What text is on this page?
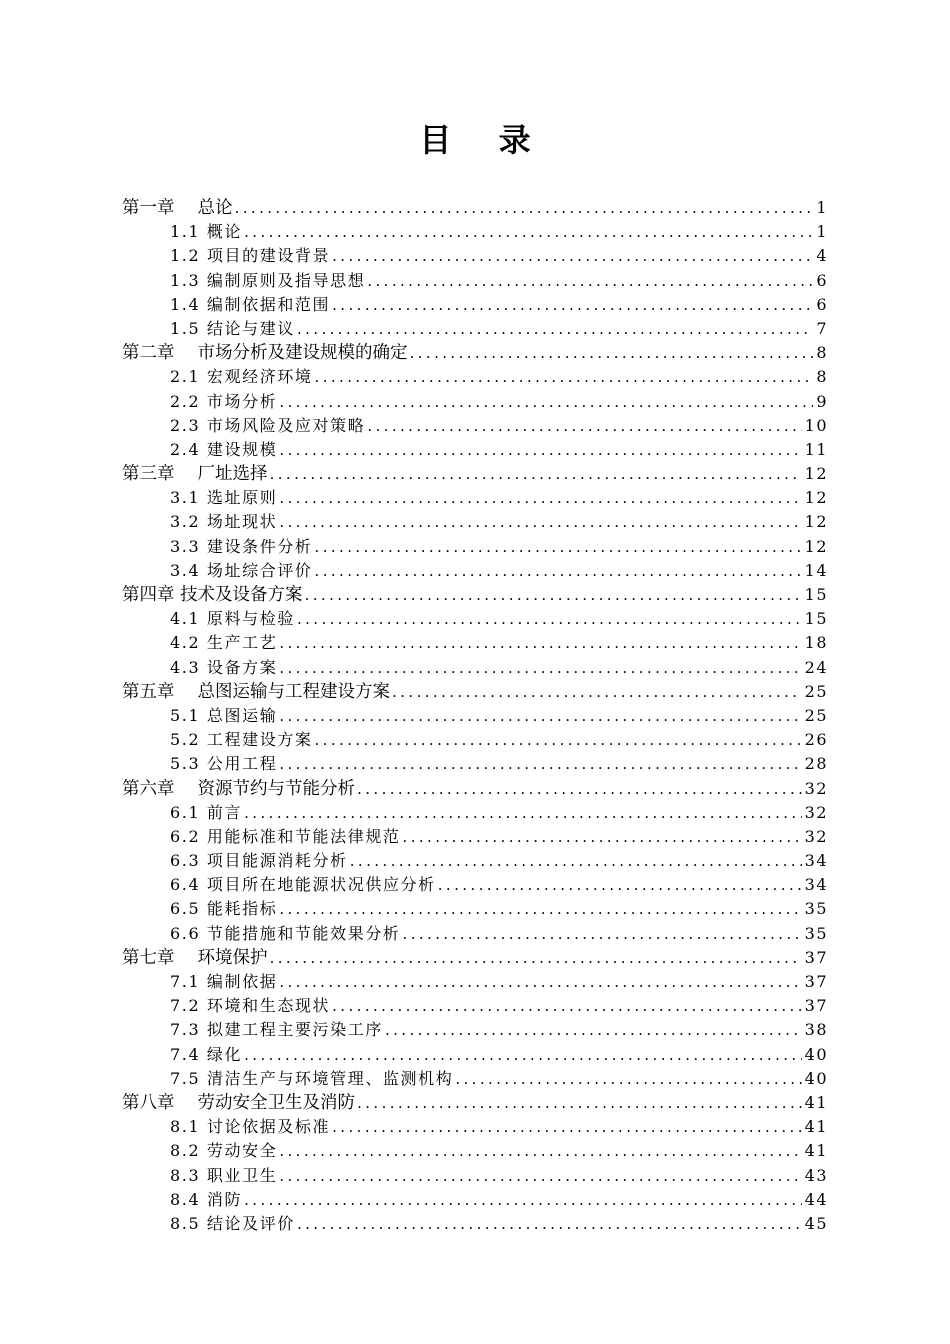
目 录
第一章　 总论 .....	1
1.1 概论 .....	1
1.2 项目的建设背景 .....	4
1.3 编制原则及指导思想 .....	6
1.4 编制依据和范围 .....	6
1.5 结论与建议 .....	7
第二章　 市场分析及建设规模的确定 .....	8
2.1 宏观经济环境 .....	8
2.2 市场分析 .....	9
2.3 市场风险及应对策略 .....	10
2.4 建设规模 .....	11
第三章　 厂址选择 .....	12
3.1 选址原则 .....	12
3.2 场址现状 .....	12
3.3 建设条件分析 .....	12
3.4 场址综合评价 .....	14
第四章 技术及设备方案 .....	15
4.1 原料与检验 .....	15
4.2 生产工艺 .....	18
4.3 设备方案 .....	24
第五章　 总图运输与工程建设方案 .....	25
5.1 总图运输 .....	25
5.2 工程建设方案 .....	26
5.3 公用工程 .....	28
第六章　 资源节约与节能分析 .....	32
6.1 前言 .....	32
6.2 用能标准和节能法律规范 .....	32
6.3 项目能源消耗分析 .....	34
6.4 项目所在地能源状况供应分析 .....	34
6.5 能耗指标 .....	35
6.6 节能措施和节能效果分析 .....	35
第七章　 环境保护 .....	37
7.1 编制依据 .....	37
7.2 环境和生态现状 .....	37
7.3 拟建工程主要污染工序 .....	38
7.4 绿化 .....	40
7.5 清洁生产与环境管理、监测机构 .....	40
第八章　 劳动安全卫生及消防 .....	41
8.1 讨论依据及标准 .....	41
8.2 劳动安全 .....	41
8.3 职业卫生 .....	43
8.4 消防 .....	44
8.5 结论及评价 .....	45
